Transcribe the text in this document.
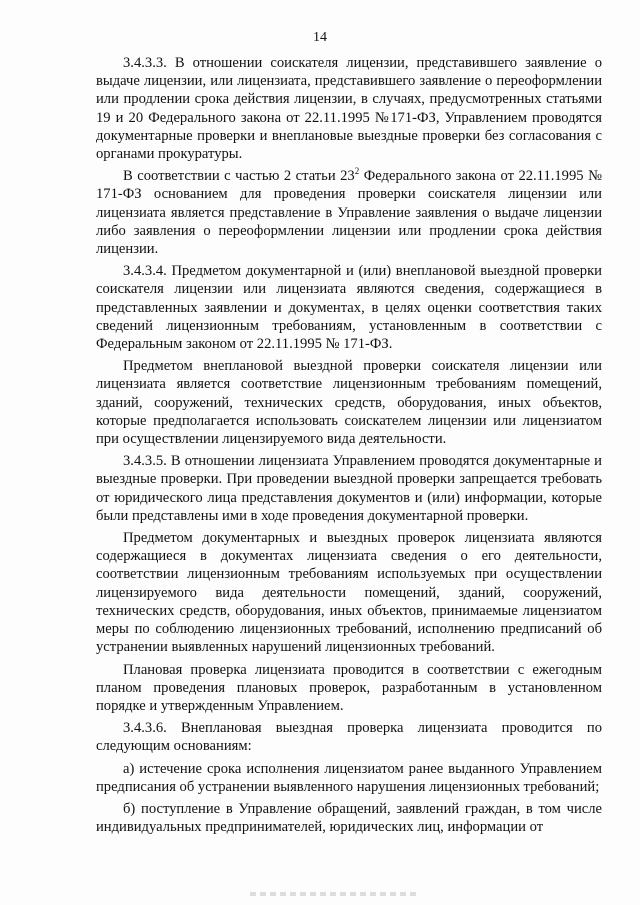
14

3.4.3.3. В отношении соискателя лицензии, представившего заявление о выдаче лицензии, или лицензиата, представившего заявление о переоформлении или продлении срока действия лицензии, в случаях, предусмотренных статьями 19 и 20 Федерального закона от 22.11.1995 №171-ФЗ, Управлением проводятся документарные проверки и внеплановые выездные проверки без согласования с органами прокуратуры.

В соответствии с частью 2 статьи $23^2$ Федерального закона от 22.11.1995 № 171-ФЗ основанием для проведения проверки соискателя лицензии или лицензиата является представление в Управление заявления о выдаче лицензии либо заявления о переоформлении лицензии или продлении срока действия лицензии.

3.4.3.4. Предметом документарной и (или) внеплановой выездной проверки соискателя лицензии или лицензиата являются сведения, содержащиеся в представленных заявлении и документах, в целях оценки соответствия таких сведений лицензионным требованиям, установленным в соответствии с Федеральным законом от 22.11.1995 № 171-ФЗ.

Предметом внеплановой выездной проверки соискателя лицензии или лицензиата является соответствие лицензионным требованиям помещений, зданий, сооружений, технических средств, оборудования, иных объектов, которые предполагается использовать соискателем лицензии или лицензиатом при осуществлении лицензируемого вида деятельности.

3.4.3.5. В отношении лицензиата Управлением проводятся документарные и выездные проверки. При проведении выездной проверки запрещается требовать от юридического лица представления документов и (или) информации, которые были представлены ими в ходе проведения документарной проверки.

Предметом документарных и выездных проверок лицензиата являются содержащиеся в документах лицензиата сведения о его деятельности, соответствии лицензионным требованиям используемых при осуществлении лицензируемого вида деятельности помещений, зданий, сооружений, технических средств, оборудования, иных объектов, принимаемые лицензиатом меры по соблюдению лицензионных требований, исполнению предписаний об устранении выявленных нарушений лицензионных требований.

Плановая проверка лицензиата проводится в соответствии с ежегодным планом проведения плановых проверок, разработанным в установленном порядке и утвержденным Управлением.

3.4.3.6. Внеплановая выездная проверка лицензиата проводится по следующим основаниям:

а) истечение срока исполнения лицензиатом ранее выданного Управлением предписания об устранении выявленного нарушения лицензионных требований;

б) поступление в Управление обращений, заявлений граждан, в том числе индивидуальных предпринимателей, юридических лиц, информации от
